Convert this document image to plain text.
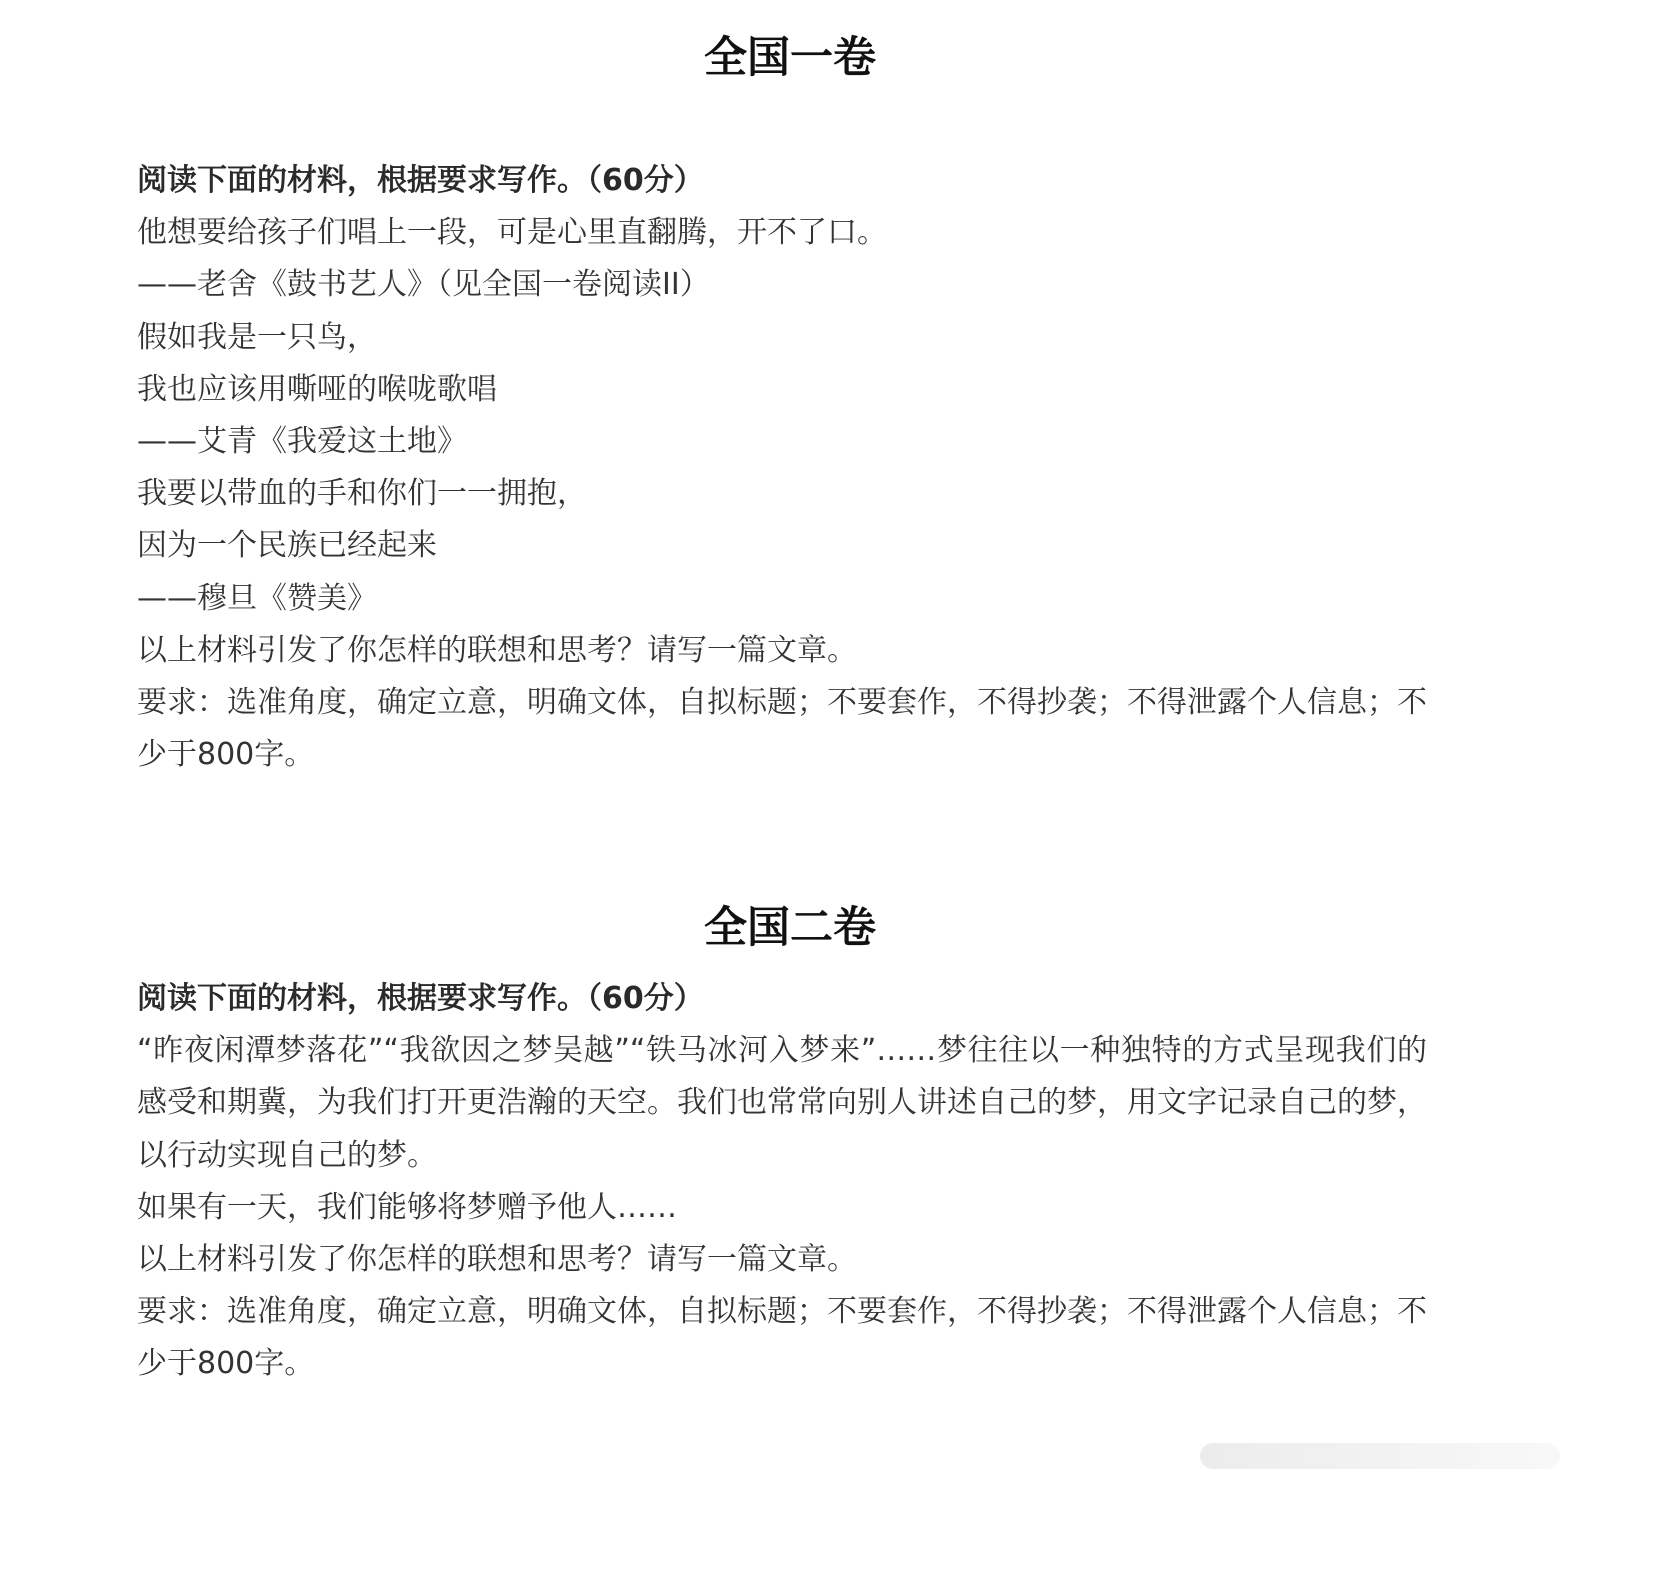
全国一卷
阅读下面的材料，根据要求写作。（60分）
他想要给孩子们唱上一段，可是心里直翻腾，开不了口。
——老舍《鼓书艺人》（见全国一卷阅读II）
假如我是一只鸟，
我也应该用嘶哑的喉咙歌唱
——艾青《我爱这土地》
我要以带血的手和你们一一拥抱，
因为一个民族已经起来
——穆旦《赞美》
以上材料引发了你怎样的联想和思考？请写一篇文章。
要求：选准角度，确定立意，明确文体，自拟标题；不要套作，不得抄袭；不得泄露个人信息；不少于800字。
全国二卷
阅读下面的材料，根据要求写作。（60分）
“昨夜闲潭梦落花”“我欲因之梦吴越”“铁马冰河入梦来”……梦往往以一种独特的方式呈现我们的感受和期冀，为我们打开更浩瀚的天空。我们也常常向别人讲述自己的梦，用文字记录自己的梦，以行动实现自己的梦。
如果有一天，我们能够将梦赠予他人……
以上材料引发了你怎样的联想和思考？请写一篇文章。
要求：选准角度，确定立意，明确文体，自拟标题；不要套作，不得抄袭；不得泄露个人信息；不少于800字。
